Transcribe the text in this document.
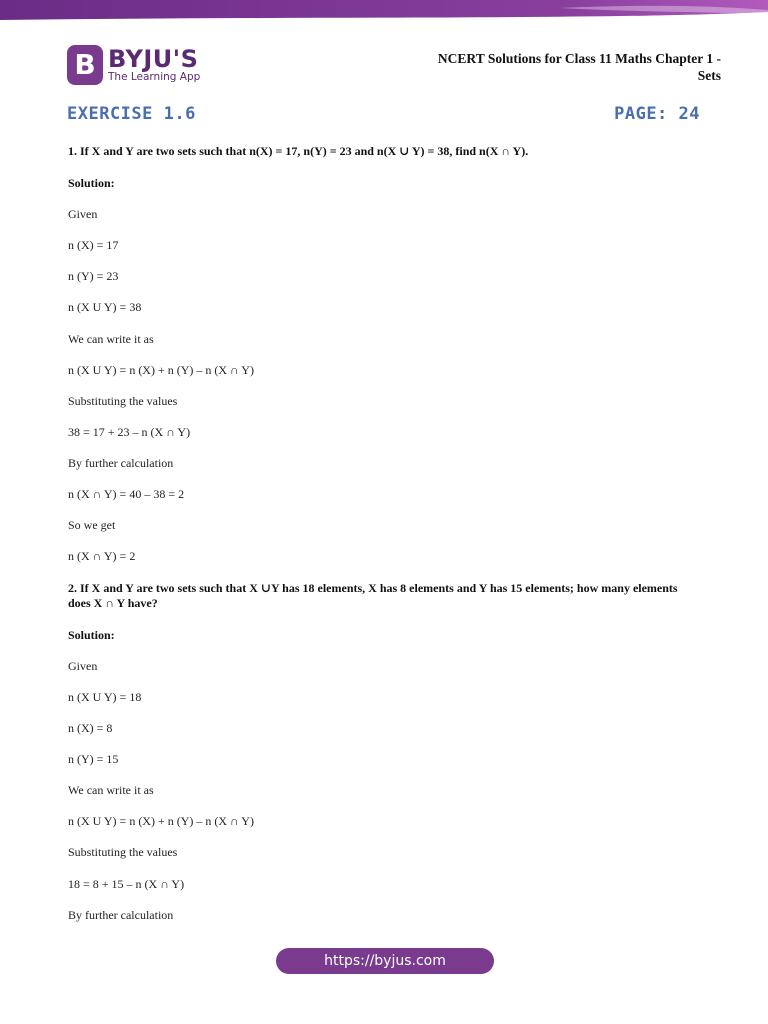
B BYJU'S
The Learning App
NCERT Solutions for Class 11 Maths Chapter 1 -
Sets
EXERCISE 1.6	PAGE: 24
1. If X and Y are two sets such that n(X) = 17, n(Y) = 23 and n(X ∪ Y) = 38, find n(X ∩ Y).
Solution:
Given
n (X) = 17
n (Y) = 23
n (X U Y) = 38
We can write it as
n (X U Y) = n (X) + n (Y) – n (X ∩ Y)
Substituting the values
38 = 17 + 23 – n (X ∩ Y)
By further calculation
n (X ∩ Y) = 40 – 38 = 2
So we get
n (X ∩ Y) = 2
2. If X and Y are two sets such that X ∪Y has 18 elements, X has 8 elements and Y has 15 elements; how many elements does X ∩ Y have?
Solution:
Given
n (X U Y) = 18
n (X) = 8
n (Y) = 15
We can write it as
n (X U Y) = n (X) + n (Y) – n (X ∩ Y)
Substituting the values
18 = 8 + 15 – n (X ∩ Y)
By further calculation
https://byjus.com
